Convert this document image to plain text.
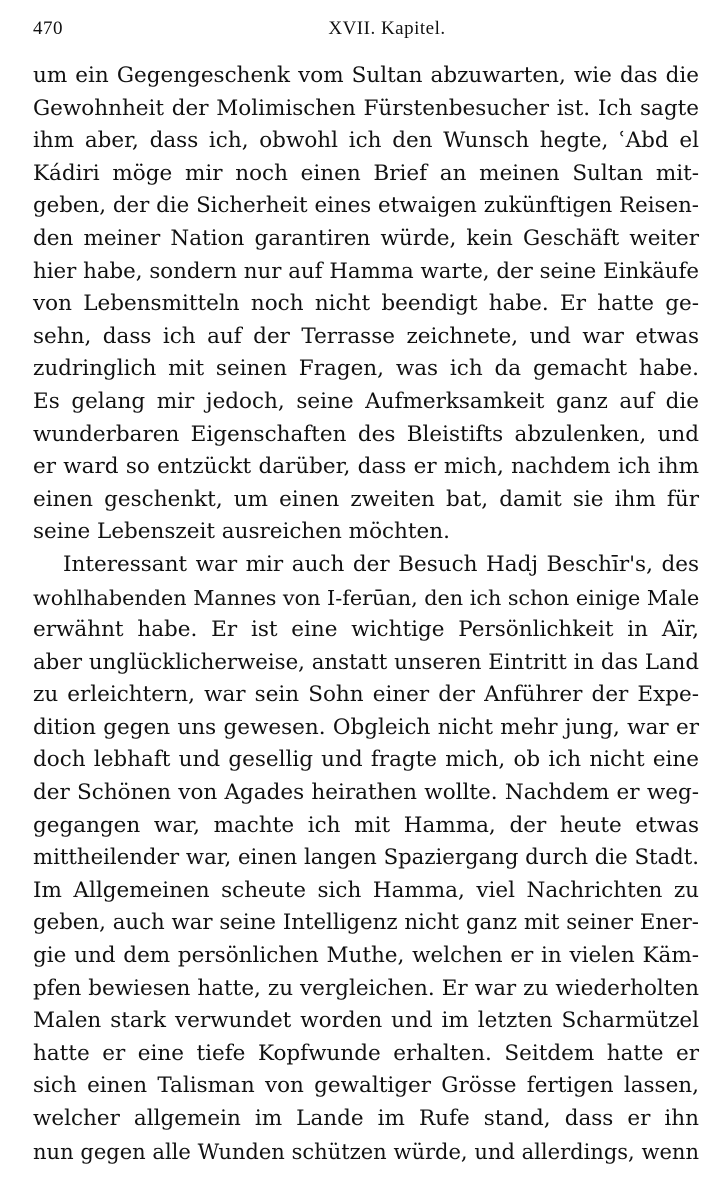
470	XVII. Kapitel.
um ein Gegengeschenk vom Sultan abzuwarten, wie das die
Gewohnheit der Molimischen Fürstenbesucher ist. Ich sagte
ihm aber, dass ich, obwohl ich den Wunsch hegte, ʿAbd el
Kádiri möge mir noch einen Brief an meinen Sultan mit-
geben, der die Sicherheit eines etwaigen zukünftigen Reisen-
den meiner Nation garantiren würde, kein Geschäft weiter
hier habe, sondern nur auf Hamma warte, der seine Einkäufe
von Lebensmitteln noch nicht beendigt habe. Er hatte ge-
sehn, dass ich auf der Terrasse zeichnete, und war etwas
zudringlich mit seinen Fragen, was ich da gemacht habe.
Es gelang mir jedoch, seine Aufmerksamkeit ganz auf die
wunderbaren Eigenschaften des Bleistifts abzulenken, und
er ward so entzückt darüber, dass er mich, nachdem ich ihm
einen geschenkt, um einen zweiten bat, damit sie ihm für
seine Lebenszeit ausreichen möchten.
Interessant war mir auch der Besuch Hadj Beschīr's, des
wohlhabenden Mannes von I-ferūan, den ich schon einige Male
erwähnt habe. Er ist eine wichtige Persönlichkeit in Aïr,
aber unglücklicherweise, anstatt unseren Eintritt in das Land
zu erleichtern, war sein Sohn einer der Anführer der Expe-
dition gegen uns gewesen. Obgleich nicht mehr jung, war er
doch lebhaft und gesellig und fragte mich, ob ich nicht eine
der Schönen von Agades heirathen wollte. Nachdem er weg-
gegangen war, machte ich mit Hamma, der heute etwas
mittheilender war, einen langen Spaziergang durch die Stadt.
Im Allgemeinen scheute sich Hamma, viel Nachrichten zu
geben, auch war seine Intelligenz nicht ganz mit seiner Ener-
gie und dem persönlichen Muthe, welchen er in vielen Käm-
pfen bewiesen hatte, zu vergleichen. Er war zu wiederholten
Malen stark verwundet worden und im letzten Scharmützel
hatte er eine tiefe Kopfwunde erhalten. Seitdem hatte er
sich einen Talisman von gewaltiger Grösse fertigen lassen,
welcher allgemein im Lande im Rufe stand, dass er ihn
nun gegen alle Wunden schützen würde, und allerdings, wenn
